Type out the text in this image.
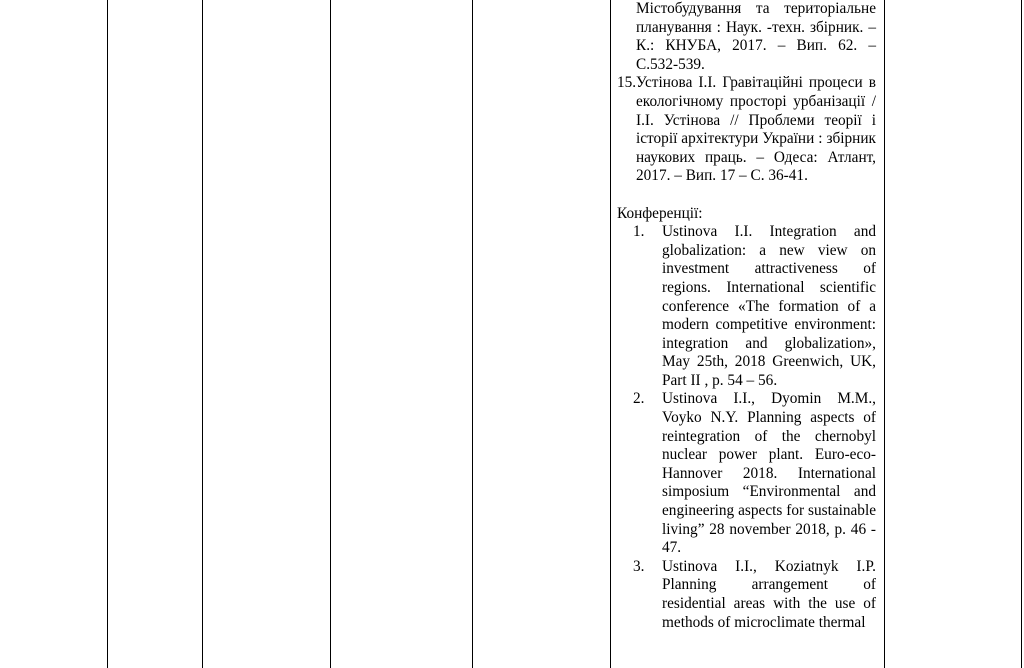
Містобудування та територіальне планування : Наук. -техн. збірник. – К.: КНУБА, 2017. – Вип. 62. – С.532-539.
15. Устінова І.І. Гравітаційні процеси в екологічному просторі урбанізації / І.І. Устінова // Проблеми теорії і історії архітектури України : збірник наукових праць. – Одеса: Атлант, 2017. – Вип. 17 – С. 36-41.
Конференції:
1.	Ustinova I.I. Integration and globalization: a new view on investment attractiveness of regions. International scientific conference «The formation of a modern competitive environment: integration and globalization», May 25th, 2018 Greenwich, UK, Part II , p. 54 – 56.
2.	Ustinova I.I., Dyomin M.M., Voyko N.Y. Planning aspects of reintegration of the chernobyl nuclear power plant. Euro-eco-Hannover 2018. International simposium “Environmental and engineering aspects for sustainable living” 28 november 2018, p. 46 - 47.
3.	Ustinova I.I., Koziatnyk I.P. Planning arrangement of residential areas with the use of methods of microclimate thermal
